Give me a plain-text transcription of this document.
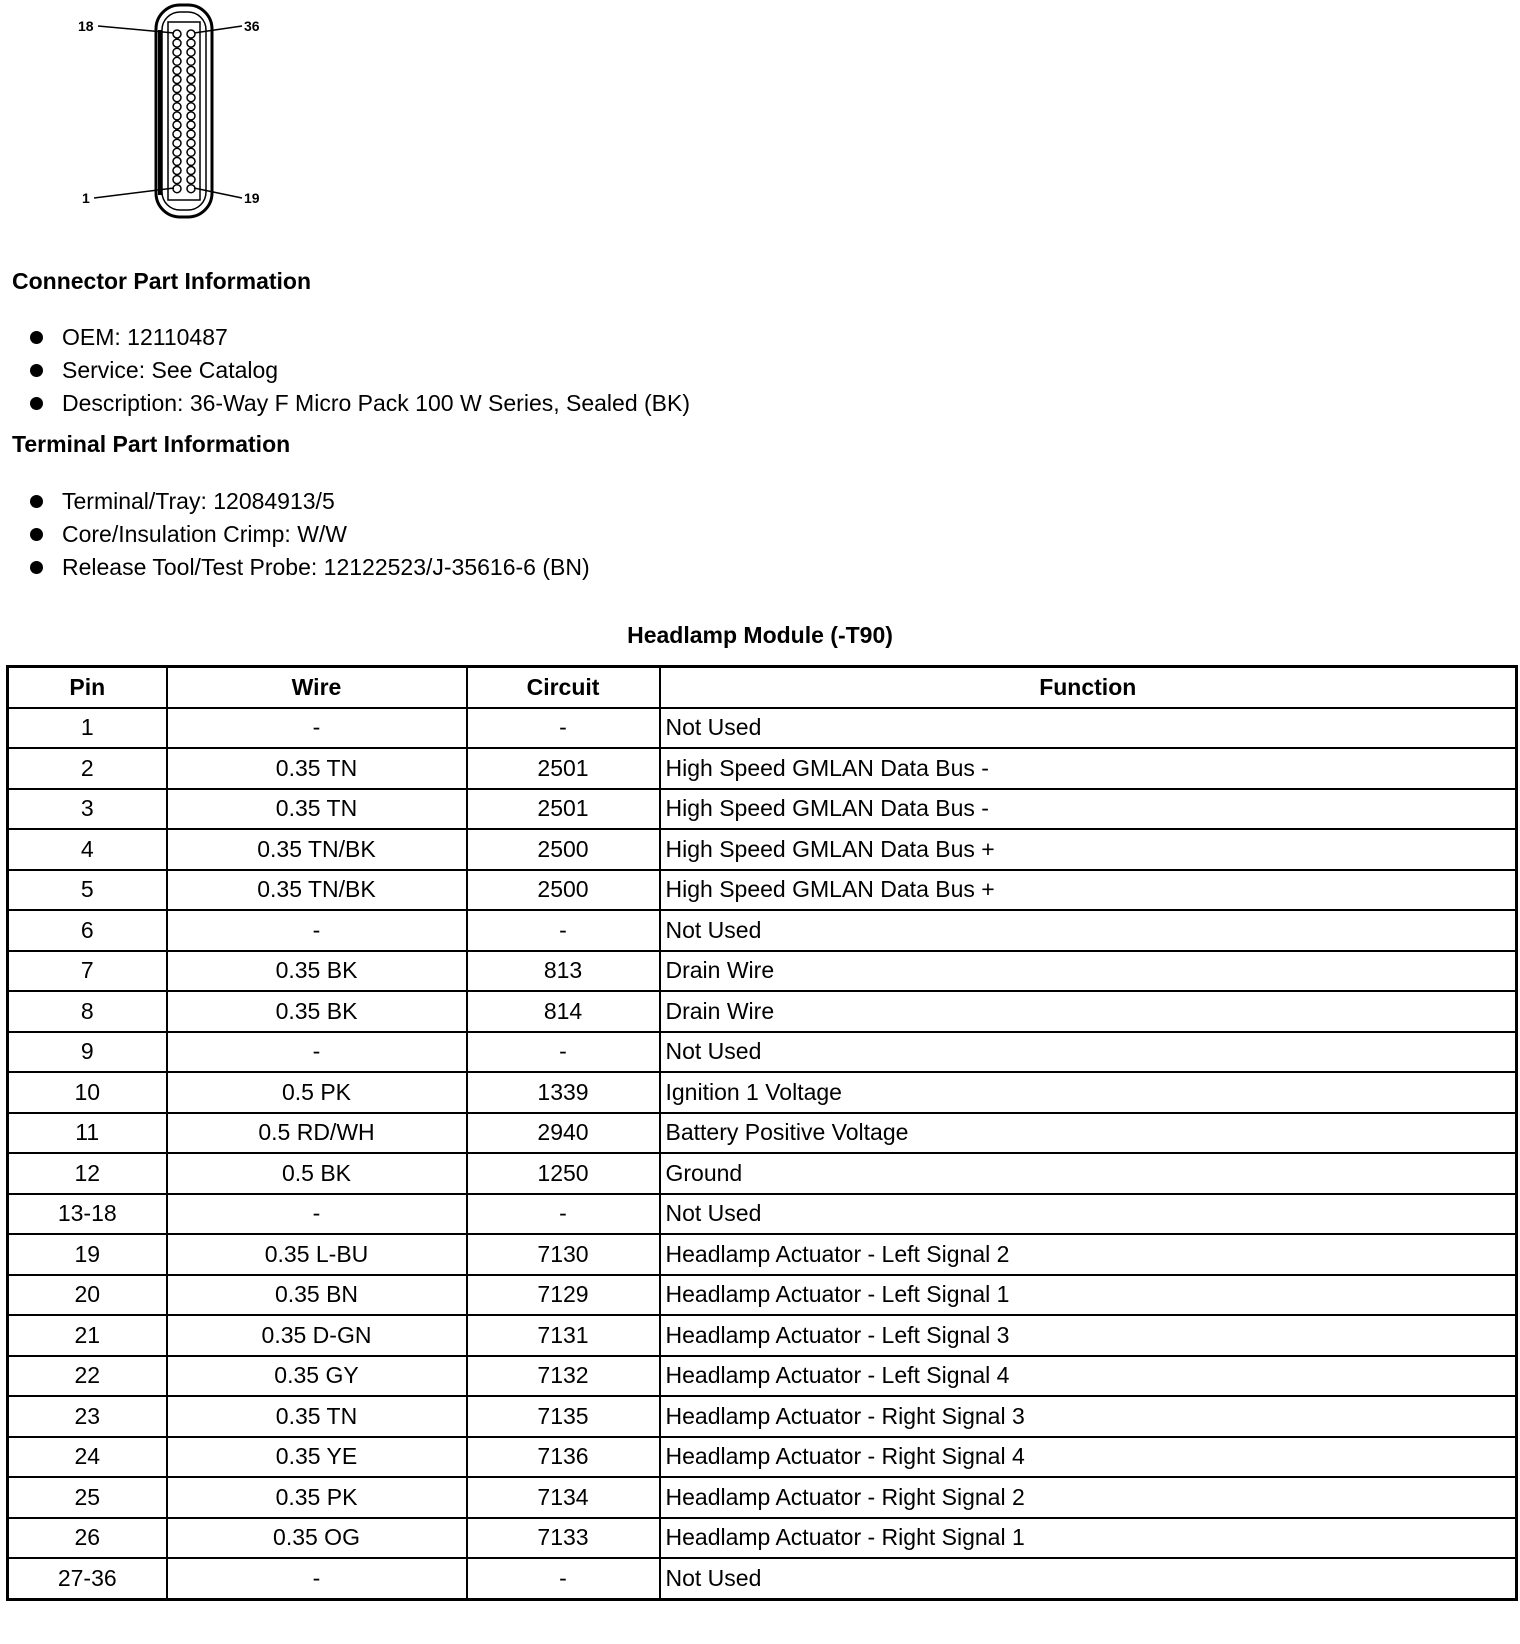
18	36
1	19
Connector Part Information
OEM: 12110487
Service: See Catalog
Description: 36-Way F Micro Pack 100 W Series, Sealed (BK)
Terminal Part Information
Terminal/Tray: 12084913/5
Core/Insulation Crimp: W/W
Release Tool/Test Probe: 12122523/J-35616-6 (BN)
Headlamp Module (-T90)
Pin	Wire	Circuit	Function
1	-	-	Not Used
2	0.35 TN	2501	High Speed GMLAN Data Bus -
3	0.35 TN	2501	High Speed GMLAN Data Bus -
4	0.35 TN/BK	2500	High Speed GMLAN Data Bus +
5	0.35 TN/BK	2500	High Speed GMLAN Data Bus +
6	-	-	Not Used
7	0.35 BK	813	Drain Wire
8	0.35 BK	814	Drain Wire
9	-	-	Not Used
10	0.5 PK	1339	Ignition 1 Voltage
11	0.5 RD/WH	2940	Battery Positive Voltage
12	0.5 BK	1250	Ground
13-18	-	-	Not Used
19	0.35 L-BU	7130	Headlamp Actuator - Left Signal 2
20	0.35 BN	7129	Headlamp Actuator - Left Signal 1
21	0.35 D-GN	7131	Headlamp Actuator - Left Signal 3
22	0.35 GY	7132	Headlamp Actuator - Left Signal 4
23	0.35 TN	7135	Headlamp Actuator - Right Signal 3
24	0.35 YE	7136	Headlamp Actuator - Right Signal 4
25	0.35 PK	7134	Headlamp Actuator - Right Signal 2
26	0.35 OG	7133	Headlamp Actuator - Right Signal 1
27-36	-	-	Not Used
